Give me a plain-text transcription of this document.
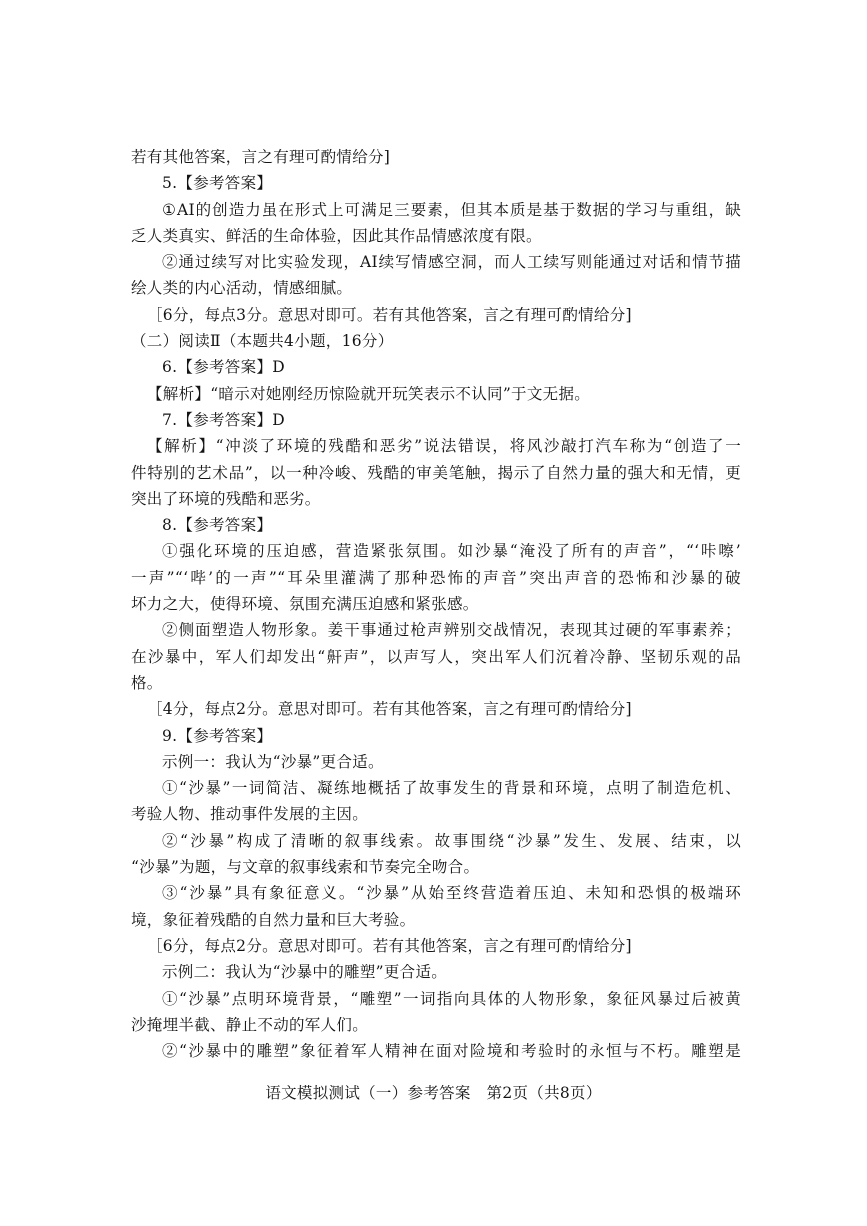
若有其他答案，言之有理可酌情给分]
5.【参考答案】
①AI的创造力虽在形式上可满足三要素，但其本质是基于数据的学习与重组，缺
乏人类真实、鲜活的生命体验，因此其作品情感浓度有限。
②通过续写对比实验发现，AI续写情感空洞，而人工续写则能通过对话和情节描
绘人类的内心活动，情感细腻。
［6分，每点3分。意思对即可。若有其他答案，言之有理可酌情给分]
（二）阅读Ⅱ（本题共4小题，16分）
6.【参考答案】D
【解析】“暗示对她刚经历惊险就开玩笑表示不认同”于文无据。
7.【参考答案】D
【解析】“冲淡了环境的残酷和恶劣”说法错误，将风沙敲打汽车称为“创造了一
件特别的艺术品”，以一种冷峻、残酷的审美笔触，揭示了自然力量的强大和无情，更
突出了环境的残酷和恶劣。
8.【参考答案】
①强化环境的压迫感，营造紧张氛围。如沙暴“淹没了所有的声音”，“‘咔嚓’
一声”“‘哔’的一声”“耳朵里灌满了那种恐怖的声音”突出声音的恐怖和沙暴的破
坏力之大，使得环境、氛围充满压迫感和紧张感。
②侧面塑造人物形象。姜干事通过枪声辨别交战情况，表现其过硬的军事素养；
在沙暴中，军人们却发出“鼾声”，以声写人，突出军人们沉着冷静、坚韧乐观的品
格。
［4分，每点2分。意思对即可。若有其他答案，言之有理可酌情给分]
9.【参考答案】
示例一：我认为“沙暴”更合适。
①“沙暴”一词简洁、凝练地概括了故事发生的背景和环境，点明了制造危机、
考验人物、推动事件发展的主因。
②“沙暴”构成了清晰的叙事线索。故事围绕“沙暴”发生、发展、结束，以
“沙暴”为题，与文章的叙事线索和节奏完全吻合。
③“沙暴”具有象征意义。“沙暴”从始至终营造着压迫、未知和恐惧的极端环
境，象征着残酷的自然力量和巨大考验。
［6分，每点2分。意思对即可。若有其他答案，言之有理可酌情给分]
示例二：我认为“沙暴中的雕塑”更合适。
①“沙暴”点明环境背景，“雕塑”一词指向具体的人物形象，象征风暴过后被黄
沙掩埋半截、静止不动的军人们。
②“沙暴中的雕塑”象征着军人精神在面对险境和考验时的永恒与不朽。雕塑是
语文模拟测试（一）参考答案　第2页（共8页）
